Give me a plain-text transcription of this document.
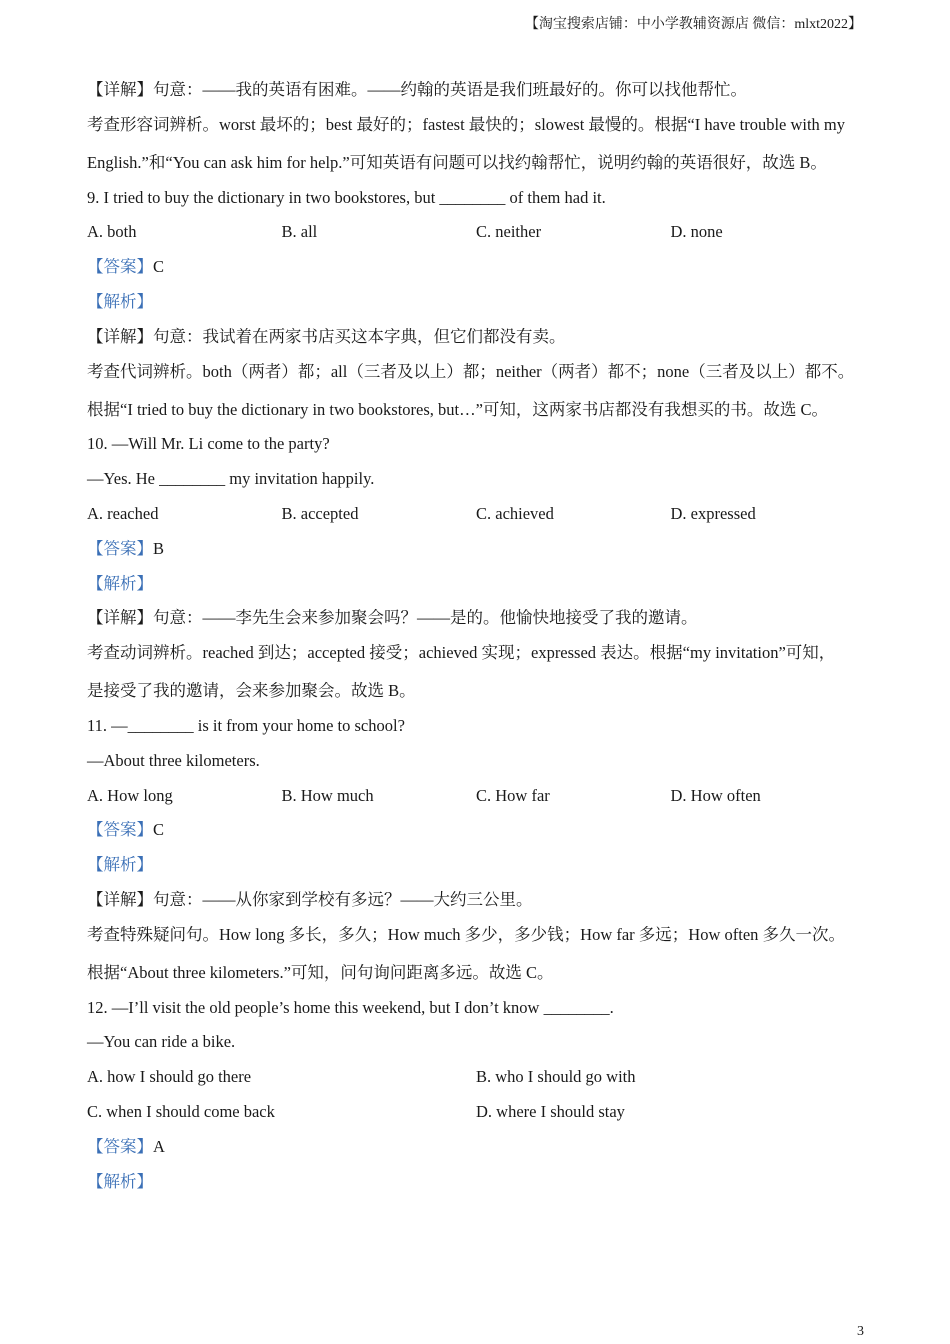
【淘宝搜索店铺：中小学教辅资源店 微信：mlxt2022】
【详解】句意：——我的英语有困难。——约翰的英语是我们班最好的。你可以找他帮忙。
考查形容词辨析。worst 最坏的；best 最好的；fastest 最快的；slowest 最慢的。根据“I have trouble with my
English.”和“You can ask him for help.”可知英语有问题可以找约翰帮忙，说明约翰的英语很好，故选 B。
9. I tried to buy the dictionary in two bookstores, but ________ of them had it.
A. both	B. all	C. neither	D. none
【答案】C
【解析】
【详解】句意：我试着在两家书店买这本字典，但它们都没有卖。
考查代词辨析。both（两者）都；all（三者及以上）都；neither（两者）都不；none（三者及以上）都不。
根据“I tried to buy the dictionary in two bookstores, but…”可知，这两家书店都没有我想买的书。故选 C。
10. —Will Mr. Li come to the party?
—Yes. He ________ my invitation happily.
A. reached	B. accepted	C. achieved	D. expressed
【答案】B
【解析】
【详解】句意：——李先生会来参加聚会吗？——是的。他愉快地接受了我的邀请。
考查动词辨析。reached 到达；accepted 接受；achieved 实现；expressed 表达。根据“my invitation”可知，
是接受了我的邀请，会来参加聚会。故选 B。
11. —________ is it from your home to school?
—About three kilometers.
A. How long	B. How much	C. How far	D. How often
【答案】C
【解析】
【详解】句意：——从你家到学校有多远？——大约三公里。
考查特殊疑问句。How long 多长，多久；How much 多少，多少钱；How far 多远；How often 多久一次。
根据“About three kilometers.”可知，问句询问距离多远。故选 C。
12. —I’ll visit the old people’s home this weekend, but I don’t know ________.
—You can ride a bike.
A. how I should go there	B. who I should go with
C. when I should come back	D. where I should stay
【答案】A
【解析】
3
